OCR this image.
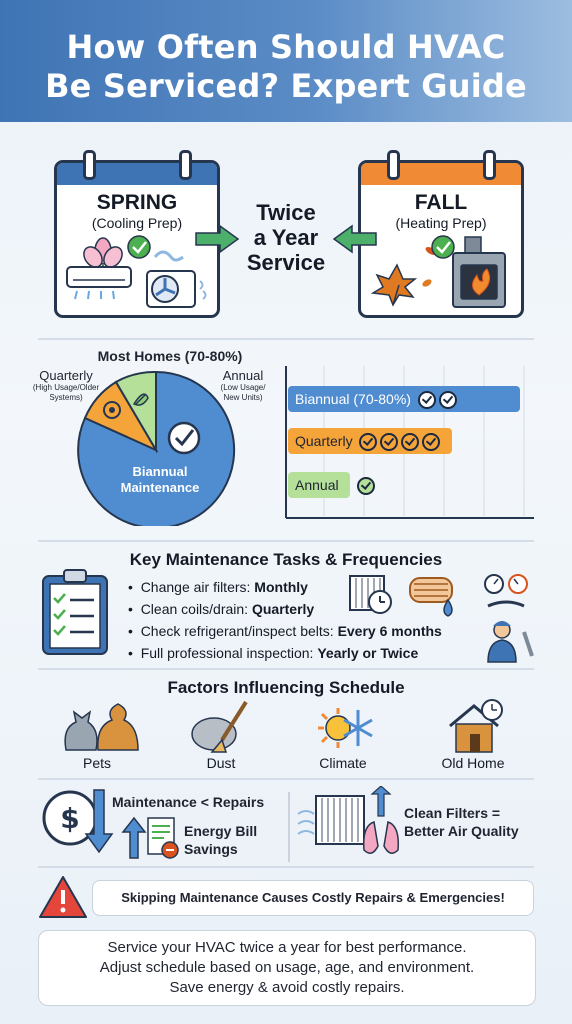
How Often Should HVAC
Be Serviced? Expert Guide
SPRING
(Cooling Prep)
FALL
(Heating Prep)
Twice
a Year
Service
Most Homes (70-80%)
Quarterly
(High Usage/Older
Systems)
Annual
(Low Usage/
New Units)
Biannual
Maintenance
Biannual (70-80%)
Quarterly
Annual
Key Maintenance Tasks & Frequencies
•  Change air filters: Monthly
•  Clean coils/drain: Quarterly
•  Check refrigerant/inspect belts: Every 6 months
•  Full professional inspection: Yearly or Twice
Factors Influencing Schedule
Pets	Dust	Climate	Old Home
$ Maintenance < Repairs
Energy Bill
Savings
Clean Filters =
Better Air Quality
Skipping Maintenance Causes Costly Repairs & Emergencies!
Service your HVAC twice a year for best performance.
Adjust schedule based on usage, age, and environment.
Save energy & avoid costly repairs.
